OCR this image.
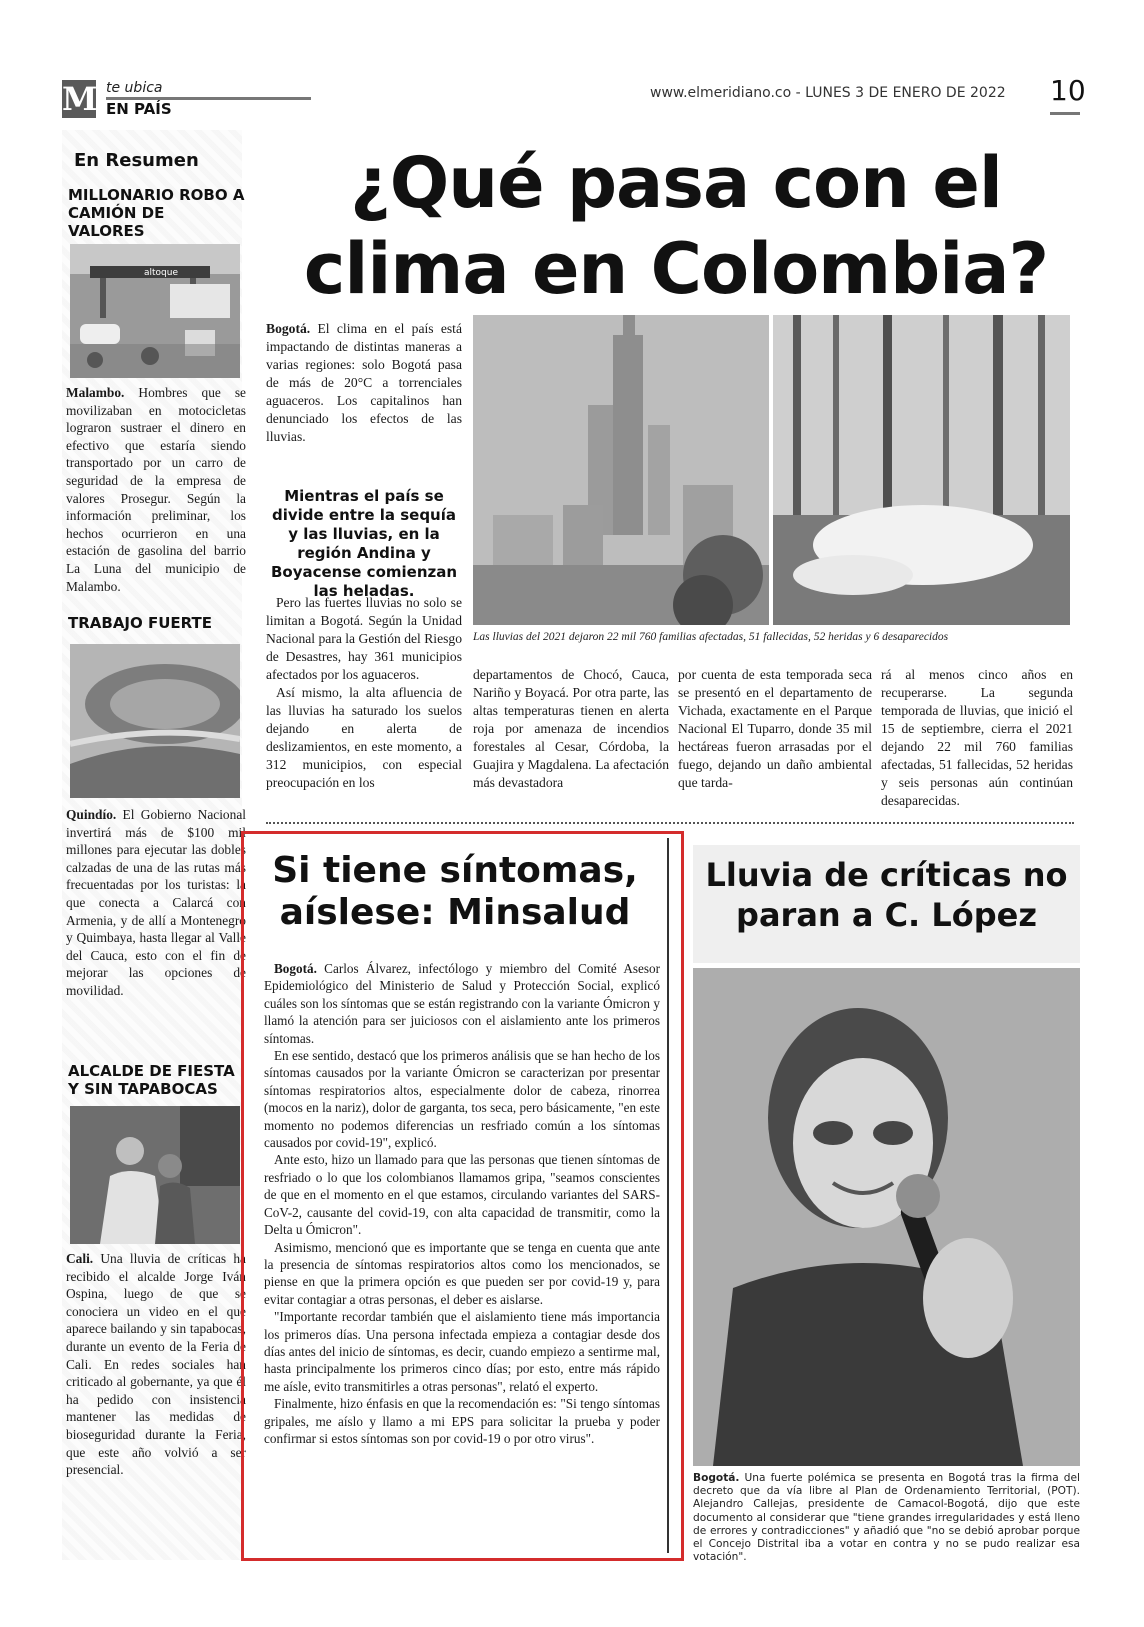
M te ubica
EN PAÍS
www.elmeridiano.co - LUNES 3 DE ENERO DE 2022 10
En Resumen
MILLONARIO ROBO A CAMIÓN DE VALORES
altoque
Malambo. Hombres que se movilizaban en motocicletas lograron sustraer el dinero en efectivo que estaría siendo transportado por un carro de seguridad de la empresa de valores Prosegur. Según la información preliminar, los hechos ocurrieron en una estación de gasolina del barrio La Luna del municipio de Malambo.
TRABAJO FUERTE
Quindío. El Gobierno Nacional invertirá más de $100 mil millones para ejecutar las dobles calzadas de una de las rutas más frecuentadas por los turistas: la que conecta a Calarcá con Armenia, y de allí a Montenegro y Quimbaya, hasta llegar al Valle del Cauca, esto con el fin de mejorar las opciones de movilidad.
ALCALDE DE FIESTA Y SIN TAPABOCAS
Cali. Una lluvia de críticas ha recibido el alcalde Jorge Iván Ospina, luego de que se conociera un video en el que aparece bailando y sin tapabocas, durante un evento de la Feria de Cali. En redes sociales han criticado al gobernante, ya que él ha pedido con insistencia mantener las medidas de bioseguridad durante la Feria, que este año volvió a ser presencial.
¿Qué pasa con el
clima en Colombia?
Bogotá. El clima en el país está impactando de distintas maneras a varias regiones: solo Bogotá pasa de más de 20°C a torrenciales aguaceros. Los capitalinos han denunciado los efectos de las lluvias.
Mientras el país se divide entre la sequía y las lluvias, en la región Andina y Boyacense comienzan las heladas.

Pero las fuertes lluvias no solo se limitan a Bogotá. Según la Unidad Nacional para la Gestión del Riesgo de Desastres, hay 361 municipios afectados por los aguaceros.

Así mismo, la alta afluencia de las lluvias ha saturado los suelos dejando en alerta de deslizamientos, en este momento, a 312 municipios, con especial preocupación en los

Las lluvias del 2021 dejaron 22 mil 760 familias afectadas, 51 fallecidas, 52 heridas y 6 desaparecidos
departamentos de Chocó, Cauca, Nariño y Boyacá. Por otra parte, las altas temperaturas tienen en alerta roja por amenaza de incendios forestales al Cesar, Córdoba, la Guajira y Magdalena. La afectación más devastadora
por cuenta de esta temporada seca se presentó en el departamento de Vichada, exactamente en el Parque Nacional El Tuparro, donde 35 mil hectáreas fueron arrasadas por el fuego, dejando un daño ambiental que tarda-
rá al menos cinco años en recuperarse. La segunda temporada de lluvias, que inició el 15 de septiembre, cierra el 2021 dejando 22 mil 760 familias afectadas, 51 fallecidas, 52 heridas y seis personas aún continúan desaparecidas.
Si tiene síntomas,
aíslese: Minsalud

Bogotá. Carlos Álvarez, infectólogo y miembro del Comité Asesor Epidemiológico del Ministerio de Salud y Protección Social, explicó cuáles son los síntomas que se están registrando con la variante Ómicron y llamó la atención para ser juiciosos con el aislamiento ante los primeros síntomas.

En ese sentido, destacó que los primeros análisis que se han hecho de los síntomas causados por la variante Ómicron se caracterizan por presentar síntomas respiratorios altos, especialmente dolor de cabeza, rinorrea (mocos en la nariz), dolor de garganta, tos seca, pero básicamente, "en este momento no podemos diferencias un resfriado común a los síntomas causados por covid-19", explicó.

Ante esto, hizo un llamado para que las personas que tienen síntomas de resfriado o lo que los colombianos llamamos gripa, "seamos conscientes de que en el momento en el que estamos, circulando variantes del SARS-CoV-2, causante del covid-19, con alta capacidad de transmitir, como la Delta u Ómicron".

Asimismo, mencionó que es importante que se tenga en cuenta que ante la presencia de síntomas respiratorios altos como los mencionados, se piense en que la primera opción es que pueden ser por covid-19 y, para evitar contagiar a otras personas, el deber es aislarse.

"Importante recordar también que el aislamiento tiene más importancia los primeros días. Una persona infectada empieza a contagiar desde dos días antes del inicio de síntomas, es decir, cuando empiezo a sentirme mal, hasta principalmente los primeros cinco días; por esto, entre más rápido me aísle, evito transmitirles a otras personas", relató el experto.

Finalmente, hizo énfasis en que la recomendación es: "Si tengo síntomas gripales, me aíslo y llamo a mi EPS para solicitar la prueba y poder confirmar si estos síntomas son por covid-19 o por otro virus".

Lluvia de críticas no
paran a C. López
Bogotá. Una fuerte polémica se presenta en Bogotá tras la firma del decreto que da vía libre al Plan de Ordenamiento Territorial, (POT). Alejandro Callejas, presidente de Camacol-Bogotá, dijo que este documento al considerar que "tiene grandes irregularidades y está lleno de errores y contradicciones" y añadió que "no se debió aprobar porque el Concejo Distrital iba a votar en contra y no se pudo realizar esa votación".
